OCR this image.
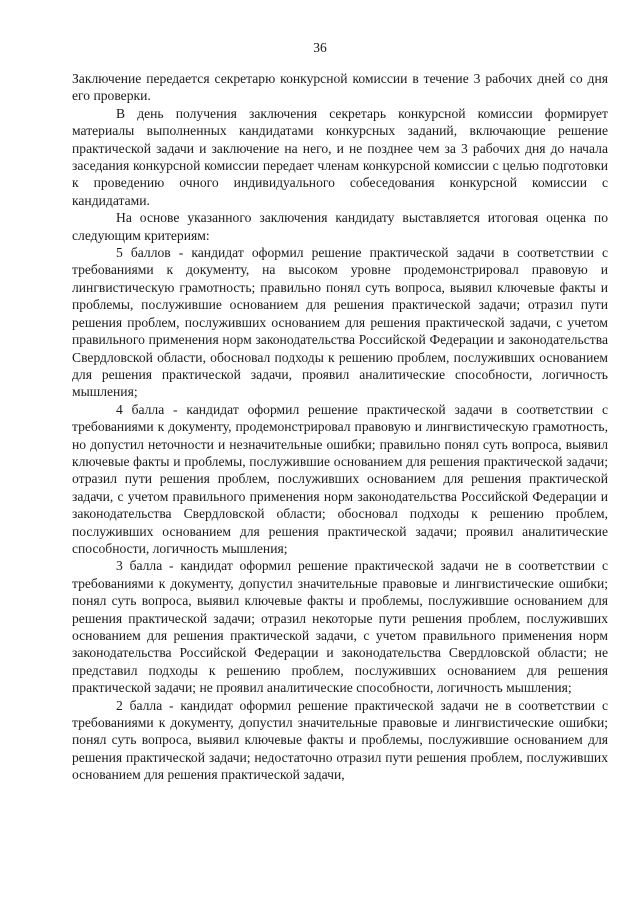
36

Заключение передается секретарю конкурсной комиссии в течение 3 рабочих дней со дня его проверки.

В день получения заключения секретарь конкурсной комиссии формирует материалы выполненных кандидатами конкурсных заданий, включающие решение практической задачи и заключение на него, и не позднее чем за 3 рабочих дня до начала заседания конкурсной комиссии передает членам конкурсной комиссии с целью подготовки к проведению очного индивидуального собеседования конкурсной комиссии с кандидатами.

На основе указанного заключения кандидату выставляется итоговая оценка по следующим критериям:

5 баллов - кандидат оформил решение практической задачи в соответствии с требованиями к документу, на высоком уровне продемонстрировал правовую и лингвистическую грамотность; правильно понял суть вопроса, выявил ключевые факты и проблемы, послужившие основанием для решения практической задачи; отразил пути решения проблем, послуживших основанием для решения практической задачи, с учетом правильного применения норм законодательства Российской Федерации и законодательства Свердловской области, обосновал подходы к решению проблем, послуживших основанием для решения практической задачи, проявил аналитические способности, логичность мышления;

4 балла - кандидат оформил решение практической задачи в соответствии с требованиями к документу, продемонстрировал правовую и лингвистическую грамотность, но допустил неточности и незначительные ошибки; правильно понял суть вопроса, выявил ключевые факты и проблемы, послужившие основанием для решения практической задачи; отразил пути решения проблем, послуживших основанием для решения практической задачи, с учетом правильного применения норм законодательства Российской Федерации и законодательства Свердловской области; обосновал подходы к решению проблем, послуживших основанием для решения практической задачи; проявил аналитические способности, логичность мышления;

3 балла - кандидат оформил решение практической задачи не в соответствии с требованиями к документу, допустил значительные правовые и лингвистические ошибки; понял суть вопроса, выявил ключевые факты и проблемы, послужившие основанием для решения практической задачи; отразил некоторые пути решения проблем, послуживших основанием для решения практической задачи, с учетом правильного применения норм законодательства Российской Федерации и законодательства Свердловской области; не представил подходы к решению проблем, послуживших основанием для решения практической задачи; не проявил аналитические способности, логичность мышления;

2 балла - кандидат оформил решение практической задачи не в соответствии с требованиями к документу, допустил значительные правовые и лингвистические ошибки; понял суть вопроса, выявил ключевые факты и проблемы, послужившие основанием для решения практической задачи; недостаточно отразил пути решения проблем, послуживших основанием для решения практической задачи,
